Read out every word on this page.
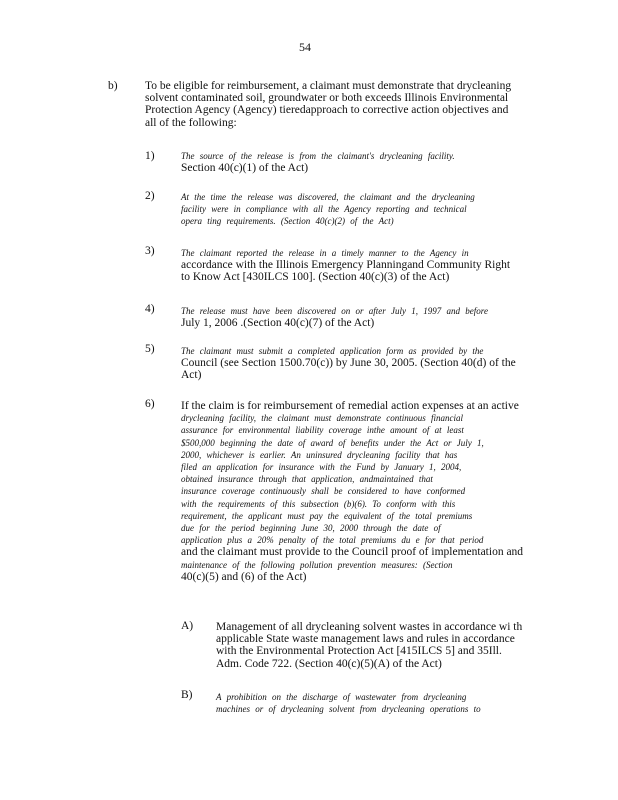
54
b) To be eligible for reimbursement, a claimant must demonstrate that drycleaning
solvent contaminated soil, groundwater or both exceeds Illinois Environmental
Protection Agency (Agency) tieredapproach to corrective action objectives and
all of the following:
1)	The source of the release is from the claimant's drycleaning facility.
Section 40(c)(1) of the Act)
2)	At the time the release was discovered, the claimant and the drycleaning
facility were in compliance with all the Agency reporting and technical
opera ting requirements. (Section 40(c)(2) of the Act)
3)	The claimant reported the release in a timely manner to the Agency in
accordance with the Illinois Emergency Planningand Community Right
to Know Act [430ILCS 100]. (Section 40(c)(3) of the Act)
4)	The release must have been discovered on or after July 1, 1997 and before
July 1, 2006 .(Section 40(c)(7) of the Act)
5)	The claimant must submit a completed application form as provided by the
Council (see Section 1500.70(c)) by June 30, 2005. (Section 40(d) of the
Act)
6) If the claim is for reimbursement of remedial action expenses at an active
drycleaning facility, the claimant must demonstrate continuous financial
assurance for environmental liability coverage inthe amount of at least
$500,000 beginning the date of award of benefits under the Act or July 1,
2000, whichever is earlier. An uninsured drycleaning facility that has
filed an application for insurance with the Fund by January 1, 2004,
obtained insurance through that application, andmaintained that
insurance coverage continuously shall be considered to have conformed
with the requirements of this subsection (b)(6). To conform with this
requirement, the applicant must pay the equivalent of the total premiums
due for the period beginning June 30, 2000 through the date of
application plus a 20% penalty of the total premiums du e for that period
and the claimant must provide to the Council proof of implementation and
maintenance of the following pollution prevention measures: (Section
40(c)(5) and (6) of the Act)
A) Management of all drycleaning solvent wastes in accordance wi th
applicable State waste management laws and rules in accordance
with the Environmental Protection Act [415ILCS 5] and 35Ill.
Adm. Code 722. (Section 40(c)(5)(A) of the Act)
B)	A prohibition on the discharge of wastewater from drycleaning
machines or of drycleaning solvent from drycleaning operations to
